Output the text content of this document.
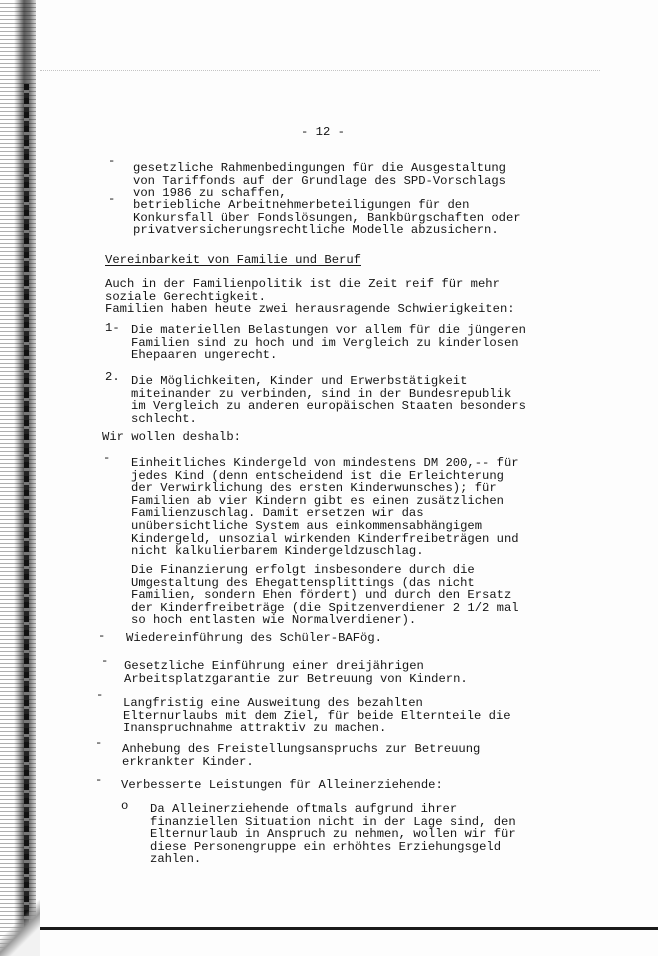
- 12 -

- gesetzliche Rahmenbedingungen für die Ausgestaltung
von Tariffonds auf der Grundlage des SPD-Vorschlags
von 1986 zu schaffen,

- betriebliche Arbeitnehmerbeteiligungen für den
Konkursfall über Fondslösungen, Bankbürgschaften oder
privatversicherungsrechtliche Modelle abzusichern.

Vereinbarkeit von Familie und Beruf

Auch in der Familienpolitik ist die Zeit reif für mehr
soziale Gerechtigkeit.
Familien haben heute zwei herausragende Schwierigkeiten:

1- Die materiellen Belastungen vor allem für die jüngeren
Familien sind zu hoch und im Vergleich zu kinderlosen
Ehepaaren ungerecht.

2. Die Möglichkeiten, Kinder und Erwerbstätigkeit
miteinander zu verbinden, sind in der Bundesrepublik
im Vergleich zu anderen europäischen Staaten besonders
schlecht.

Wir wollen deshalb:

- Einheitliches Kindergeld von mindestens DM 200,-- für
jedes Kind (denn entscheidend ist die Erleichterung
der Verwirklichung des ersten Kinderwunsches); für
Familien ab vier Kindern gibt es einen zusätzlichen
Familienzuschlag. Damit ersetzen wir das
unübersichtliche System aus einkommensabhängigem
Kindergeld, unsozial wirkenden Kinderfreibeträgen und
nicht kalkulierbarem Kindergeldzuschlag.

Die Finanzierung erfolgt insbesondere durch die
Umgestaltung des Ehegattensplittings (das nicht
Familien, sondern Ehen fördert) und durch den Ersatz
der Kinderfreibeträge (die Spitzenverdiener 2 1/2 mal
so hoch entlasten wie Normalverdiener).

- Wiedereinführung des Schüler-BAFög.

- Gesetzliche Einführung einer dreijährigen
Arbeitsplatzgarantie zur Betreuung von Kindern.

-

Langfristig eine Ausweitung des bezahlten
Elternurlaubs mit dem Ziel, für beide Elternteile die
Inanspruchnahme attraktiv zu machen.

- Anhebung des Freistellungsanspruchs zur Betreuung
erkrankter Kinder.

- Verbesserte Leistungen für Alleinerziehende:

o Da Alleinerziehende oftmals aufgrund ihrer
finanziellen Situation nicht in der Lage sind, den
Elternurlaub in Anspruch zu nehmen, wollen wir für
diese Personengruppe ein erhöhtes Erziehungsgeld
zahlen.
